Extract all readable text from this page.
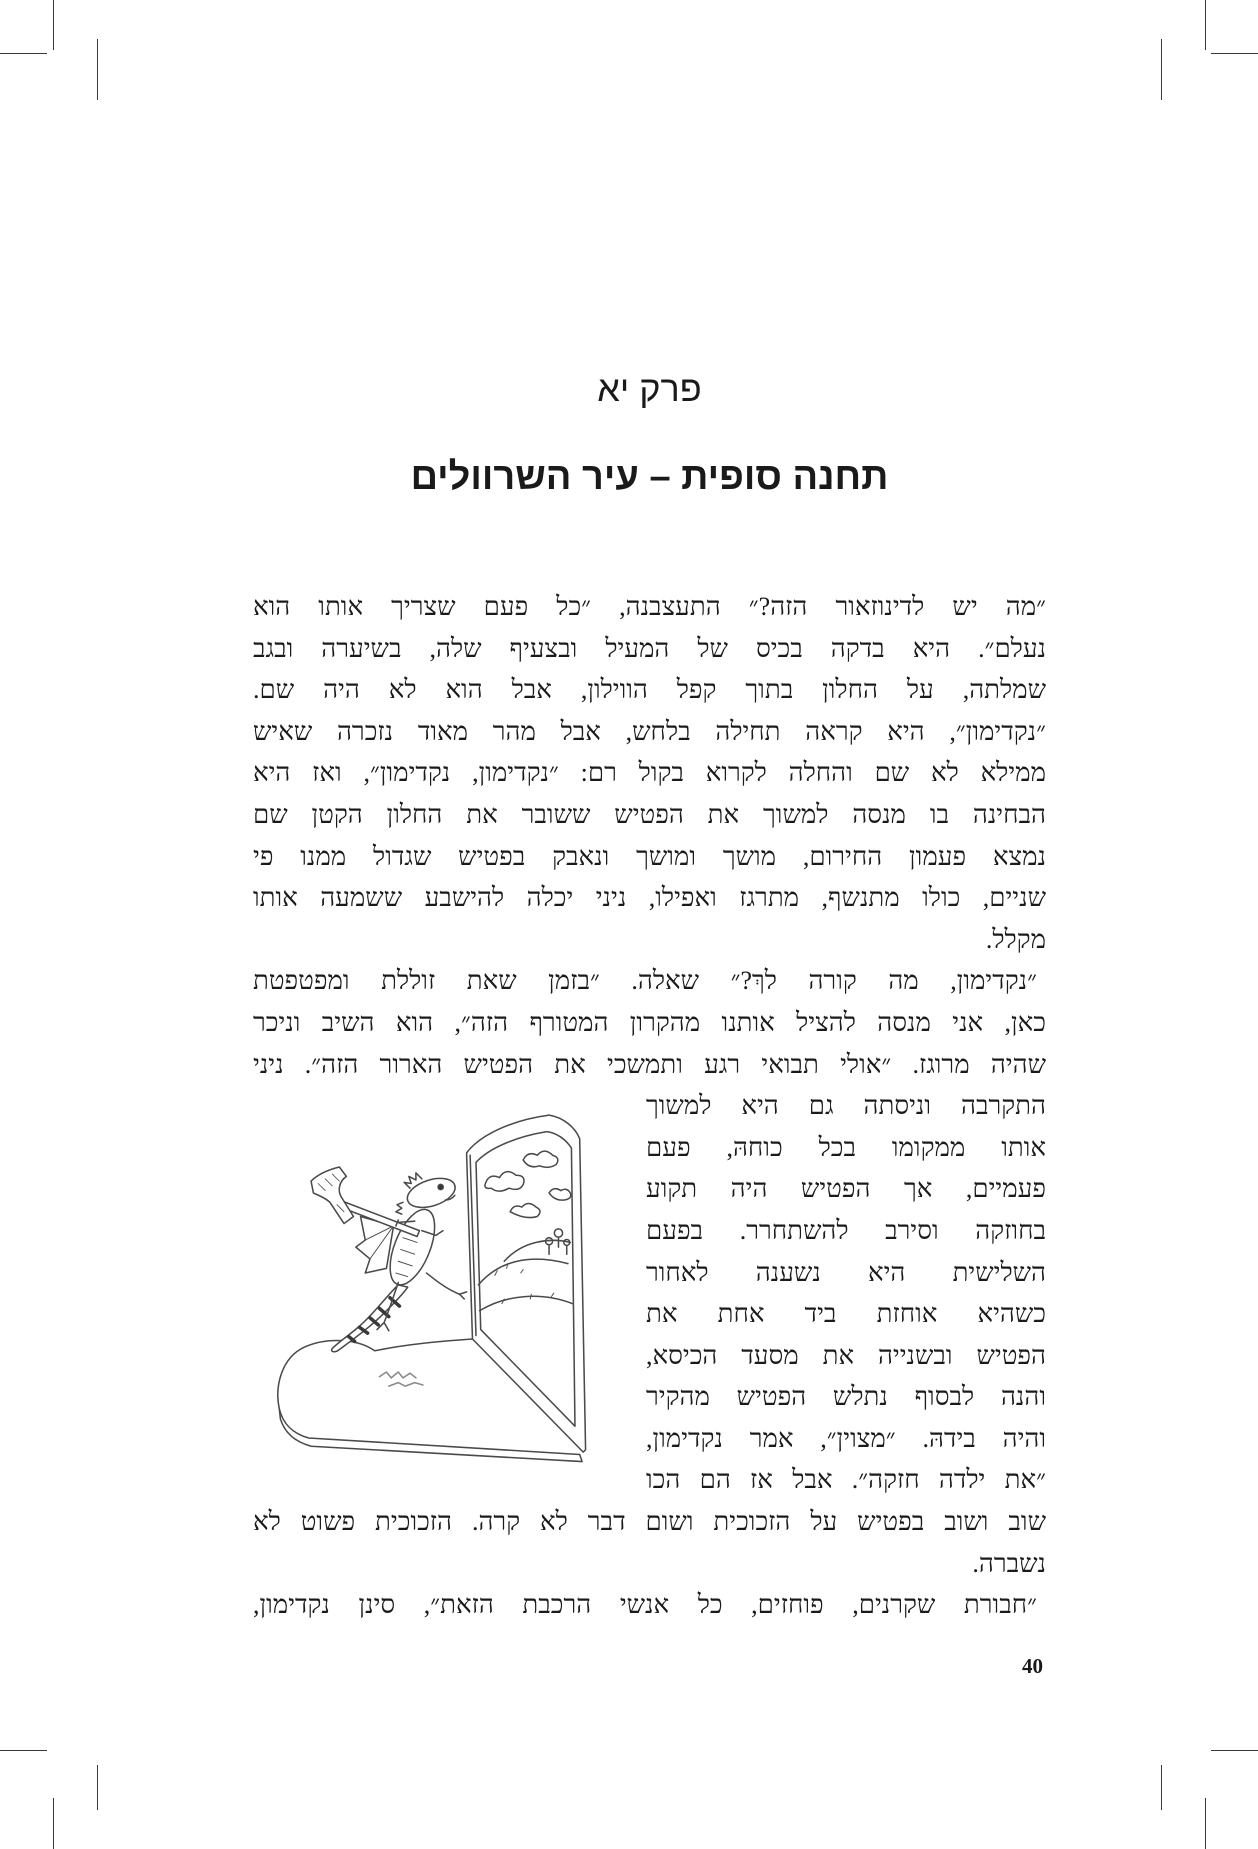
פרק יא
תחנה סופית – עיר השרוולים
״מה יש לדינוזאור הזה?״ התעצבנה, ״כל פעם שצריך אותו הוא
נעלם״. היא בדקה בכיס של המעיל ובצעיף שלה, בשיערה ובגב
שמלתה, על החלון בתוך קפל הווילון, אבל הוא לא היה שם.
״נקדימון״, היא קראה תחילה בלחש, אבל מהר מאוד נזכרה שאיש
ממילא לא שם והחלה לקרוא בקול רם: ״נקדימון, נקדימון״, ואז היא
הבחינה בו מנסה למשוך את הפטיש ששובר את החלון הקטן שם
נמצא פעמון החירום, מושך ומושך ונאבק בפטיש שגדול ממנו פי
שניים, כולו מתנשף, מתרגז ואפילו, ניני יכלה להישבע ששמעה אותו
מקלל.
״נקדימון, מה קורה לךְ?״ שאלה. ״בזמן שאת זוללת ומפטפטת
כאן, אני מנסה להציל אותנו מהקרון המטורף הזה״, הוא השיב וניכר
שהיה מרוגז. ״אולי תבואי רגע ותמשכי את הפטיש הארור הזה״. ניני
התקרבה וניסתה גם היא למשוך
אותו ממקומו בכל כוחהּ, פעם
פעמיים, אך הפטיש היה תקוע
בחוזקה וסירב להשתחרר. בפעם
השלישית היא נשענה לאחור
כשהיא אוחזת ביד אחת את
הפטיש ובשנייה את מסעד הכיסא,
והנה לבסוף נתלש הפטיש מהקיר
והיה בידהּ. ״מצוין״, אמר נקדימון,
״את ילדה חזקה״. אבל אז הם הכו
שוב ושוב בפטיש על הזכוכית ושום דבר לא קרה. הזכוכית פשוט לא
נשברה.
״חבורת שקרנים, פוחזים, כל אנשי הרכבת הזאת״, סינן נקדימון,
40
